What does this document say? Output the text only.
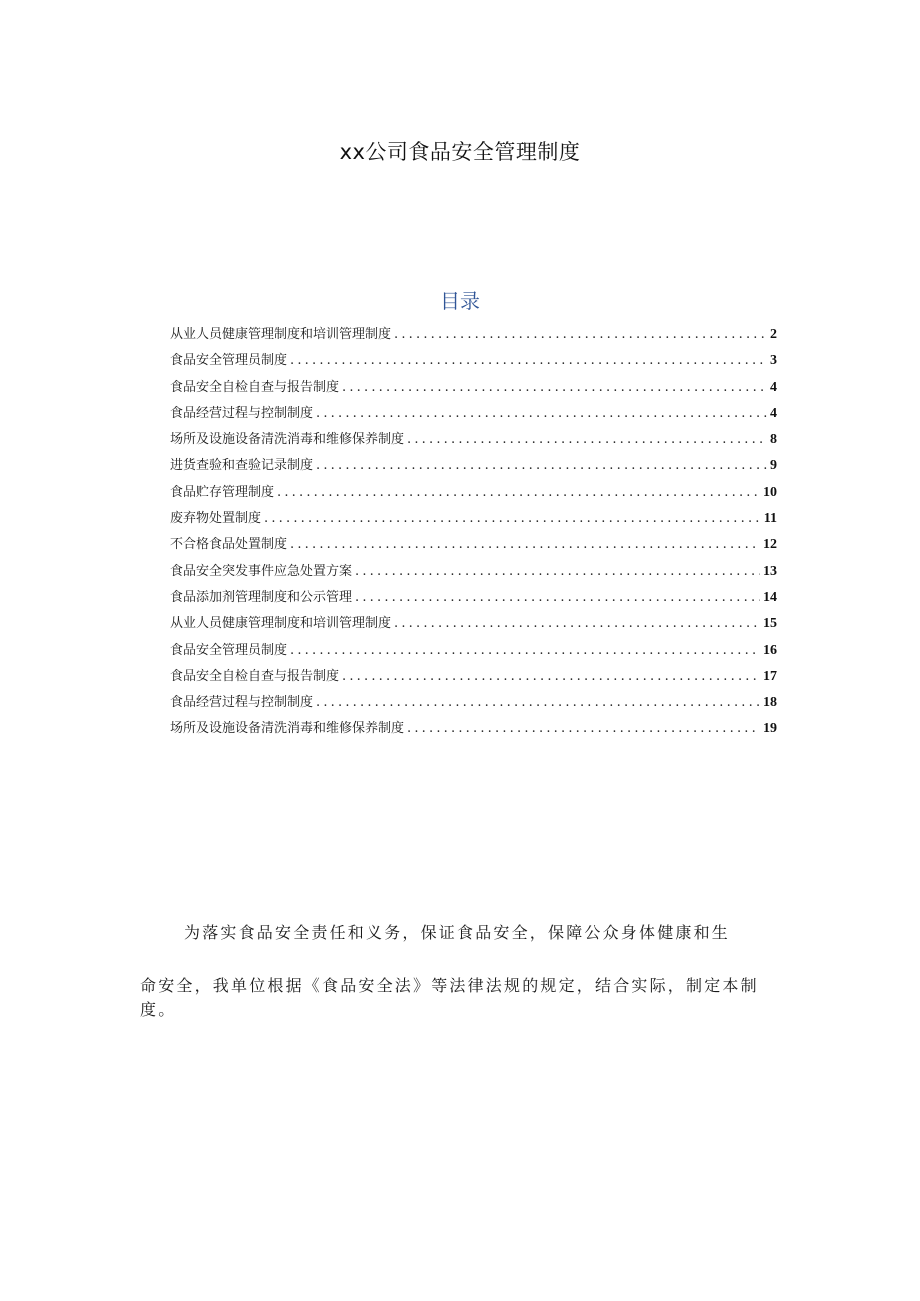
xx公司食品安全管理制度
目录
从业人员健康管理制度和培训管理制度 .....	2
食品安全管理员制度 .....	3
食品安全自检自查与报告制度 .....	4
食品经营过程与控制制度 .....	4
场所及设施设备清洗消毒和维修保养制度 .....	8
进货查验和查验记录制度 .....	9
食品贮存管理制度 .....	10
废弃物处置制度 .....	11
不合格食品处置制度 .....	12
食品安全突发事件应急处置方案 .....	13
食品添加剂管理制度和公示管理 .....	14
从业人员健康管理制度和培训管理制度 .....	15
食品安全管理员制度 .....	16
食品安全自检自查与报告制度 .....	17
食品经营过程与控制制度 .....	18
场所及设施设备清洗消毒和维修保养制度 .....	19

为落实食品安全责任和义务，保证食品安全，保障公众身体健康和生

命安全，我单位根据《食品安全法》等法律法规的规定，结合实际，制定本制度。
